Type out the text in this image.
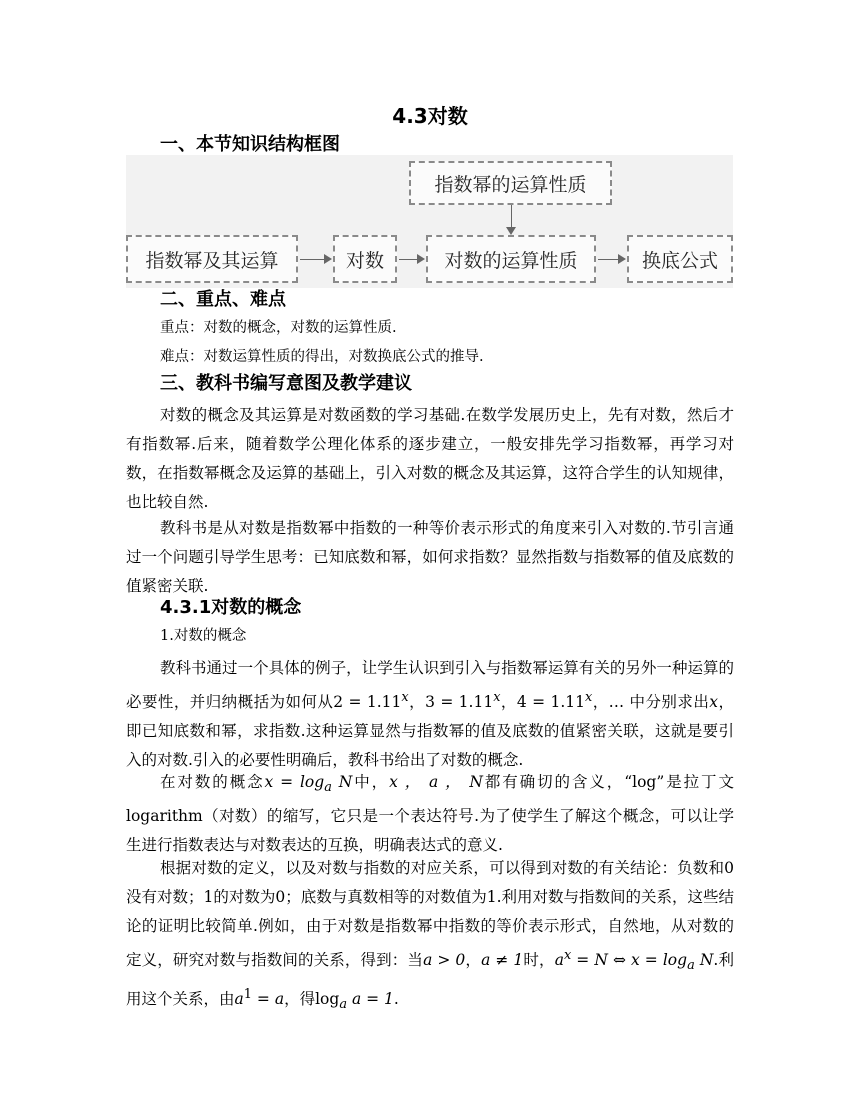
4.3对数
一、本节知识结构框图
指数幂的运算性质
指数幂及其运算	对数	对数的运算性质	换底公式
二、重点、难点
重点：对数的概念，对数的运算性质.
难点：对数运算性质的得出，对数换底公式的推导.
三、教科书编写意图及教学建议

对数的概念及其运算是对数函数的学习基础.在数学发展历史上，先有对数，然后才有指数幂.后来，随着数学公理化体系的逐步建立，一般安排先学习指数幂，再学习对数，在指数幂概念及运算的基础上，引入对数的概念及其运算，这符合学生的认知规律，也比较自然.

教科书是从对数是指数幂中指数的一种等价表示形式的角度来引入对数的.节引言通过一个问题引导学生思考：已知底数和幂，如何求指数？显然指数与指数幂的值及底数的值紧密关联.

4.3.1对数的概念
1.对数的概念

教科书通过一个具体的例子，让学生认识到引入与指数幂运算有关的另外一种运算的必要性，并归纳概括为如何从$2 = 1.11^x$，$3 = 1.11^x$，$4 = 1.11^x$，… 中分别求出x，即已知底数和幂，求指数.这种运算显然与指数幂的值及底数的值紧密关联，这就是要引入的对数.引入的必要性明确后，教科书给出了对数的概念.

在对数的概念$x = \log_a N$中，x ， a ， N都有确切的含义，“log”是拉丁文logarithm（对数）的缩写，它只是一个表达符号.为了使学生了解这个概念，可以让学生进行指数表达与对数表达的互换，明确表达式的意义.

根据对数的定义，以及对数与指数的对应关系，可以得到对数的有关结论：负数和0没有对数；1的对数为0；底数与真数相等的对数值为1.利用对数与指数间的关系，这些结论的证明比较简单.例如，由于对数是指数幂中指数的等价表示形式，自然地，从对数的定义，研究对数与指数间的关系，得到：当a > 0，a ≠ 1时，$a^x = N$ ⇔ $x = \log_a N$.利用这个关系，由$a^1 = a$，得$\log_a a = 1$.
